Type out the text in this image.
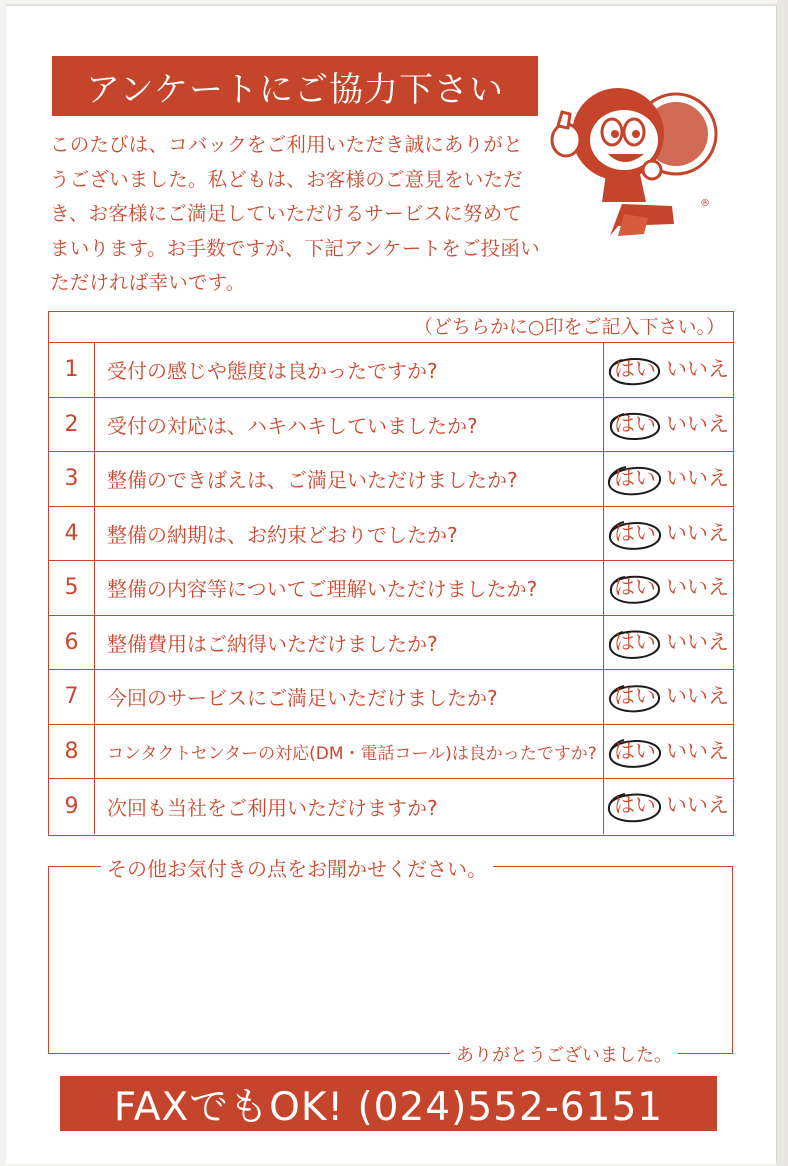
アンケートにご協力下さい
このたびは、コバックをご利用いただき誠にありがとうございました。私どもは、お客様のご意見をいただき、お客様にご満足していただけるサービスに努めてまいります。お手数ですが、下記アンケートをご投函いただければ幸いです。
®
（どちらかに○印をご記入下さい。）
1	受付の感じや態度は良かったですか?	はい いいえ
2	受付の対応は、ハキハキしていましたか?	はい いいえ
3	整備のできばえは、ご満足いただけましたか?	はい いいえ
4	整備の納期は、お約束どおりでしたか?	はい いいえ
5	整備の内容等についてご理解いただけましたか?	はい いいえ
6	整備費用はご納得いただけましたか?	はい いいえ
7	今回のサービスにご満足いただけましたか?	はい いいえ
8	コンタクトセンターの対応(DM・電話コール)は良かったですか? はい いいえ
9	次回も当社をご利用いただけますか?	はい いいえ
その他お気付きの点をお聞かせください。
ありがとうございました。
FAXでもOK! (024)552-6151
